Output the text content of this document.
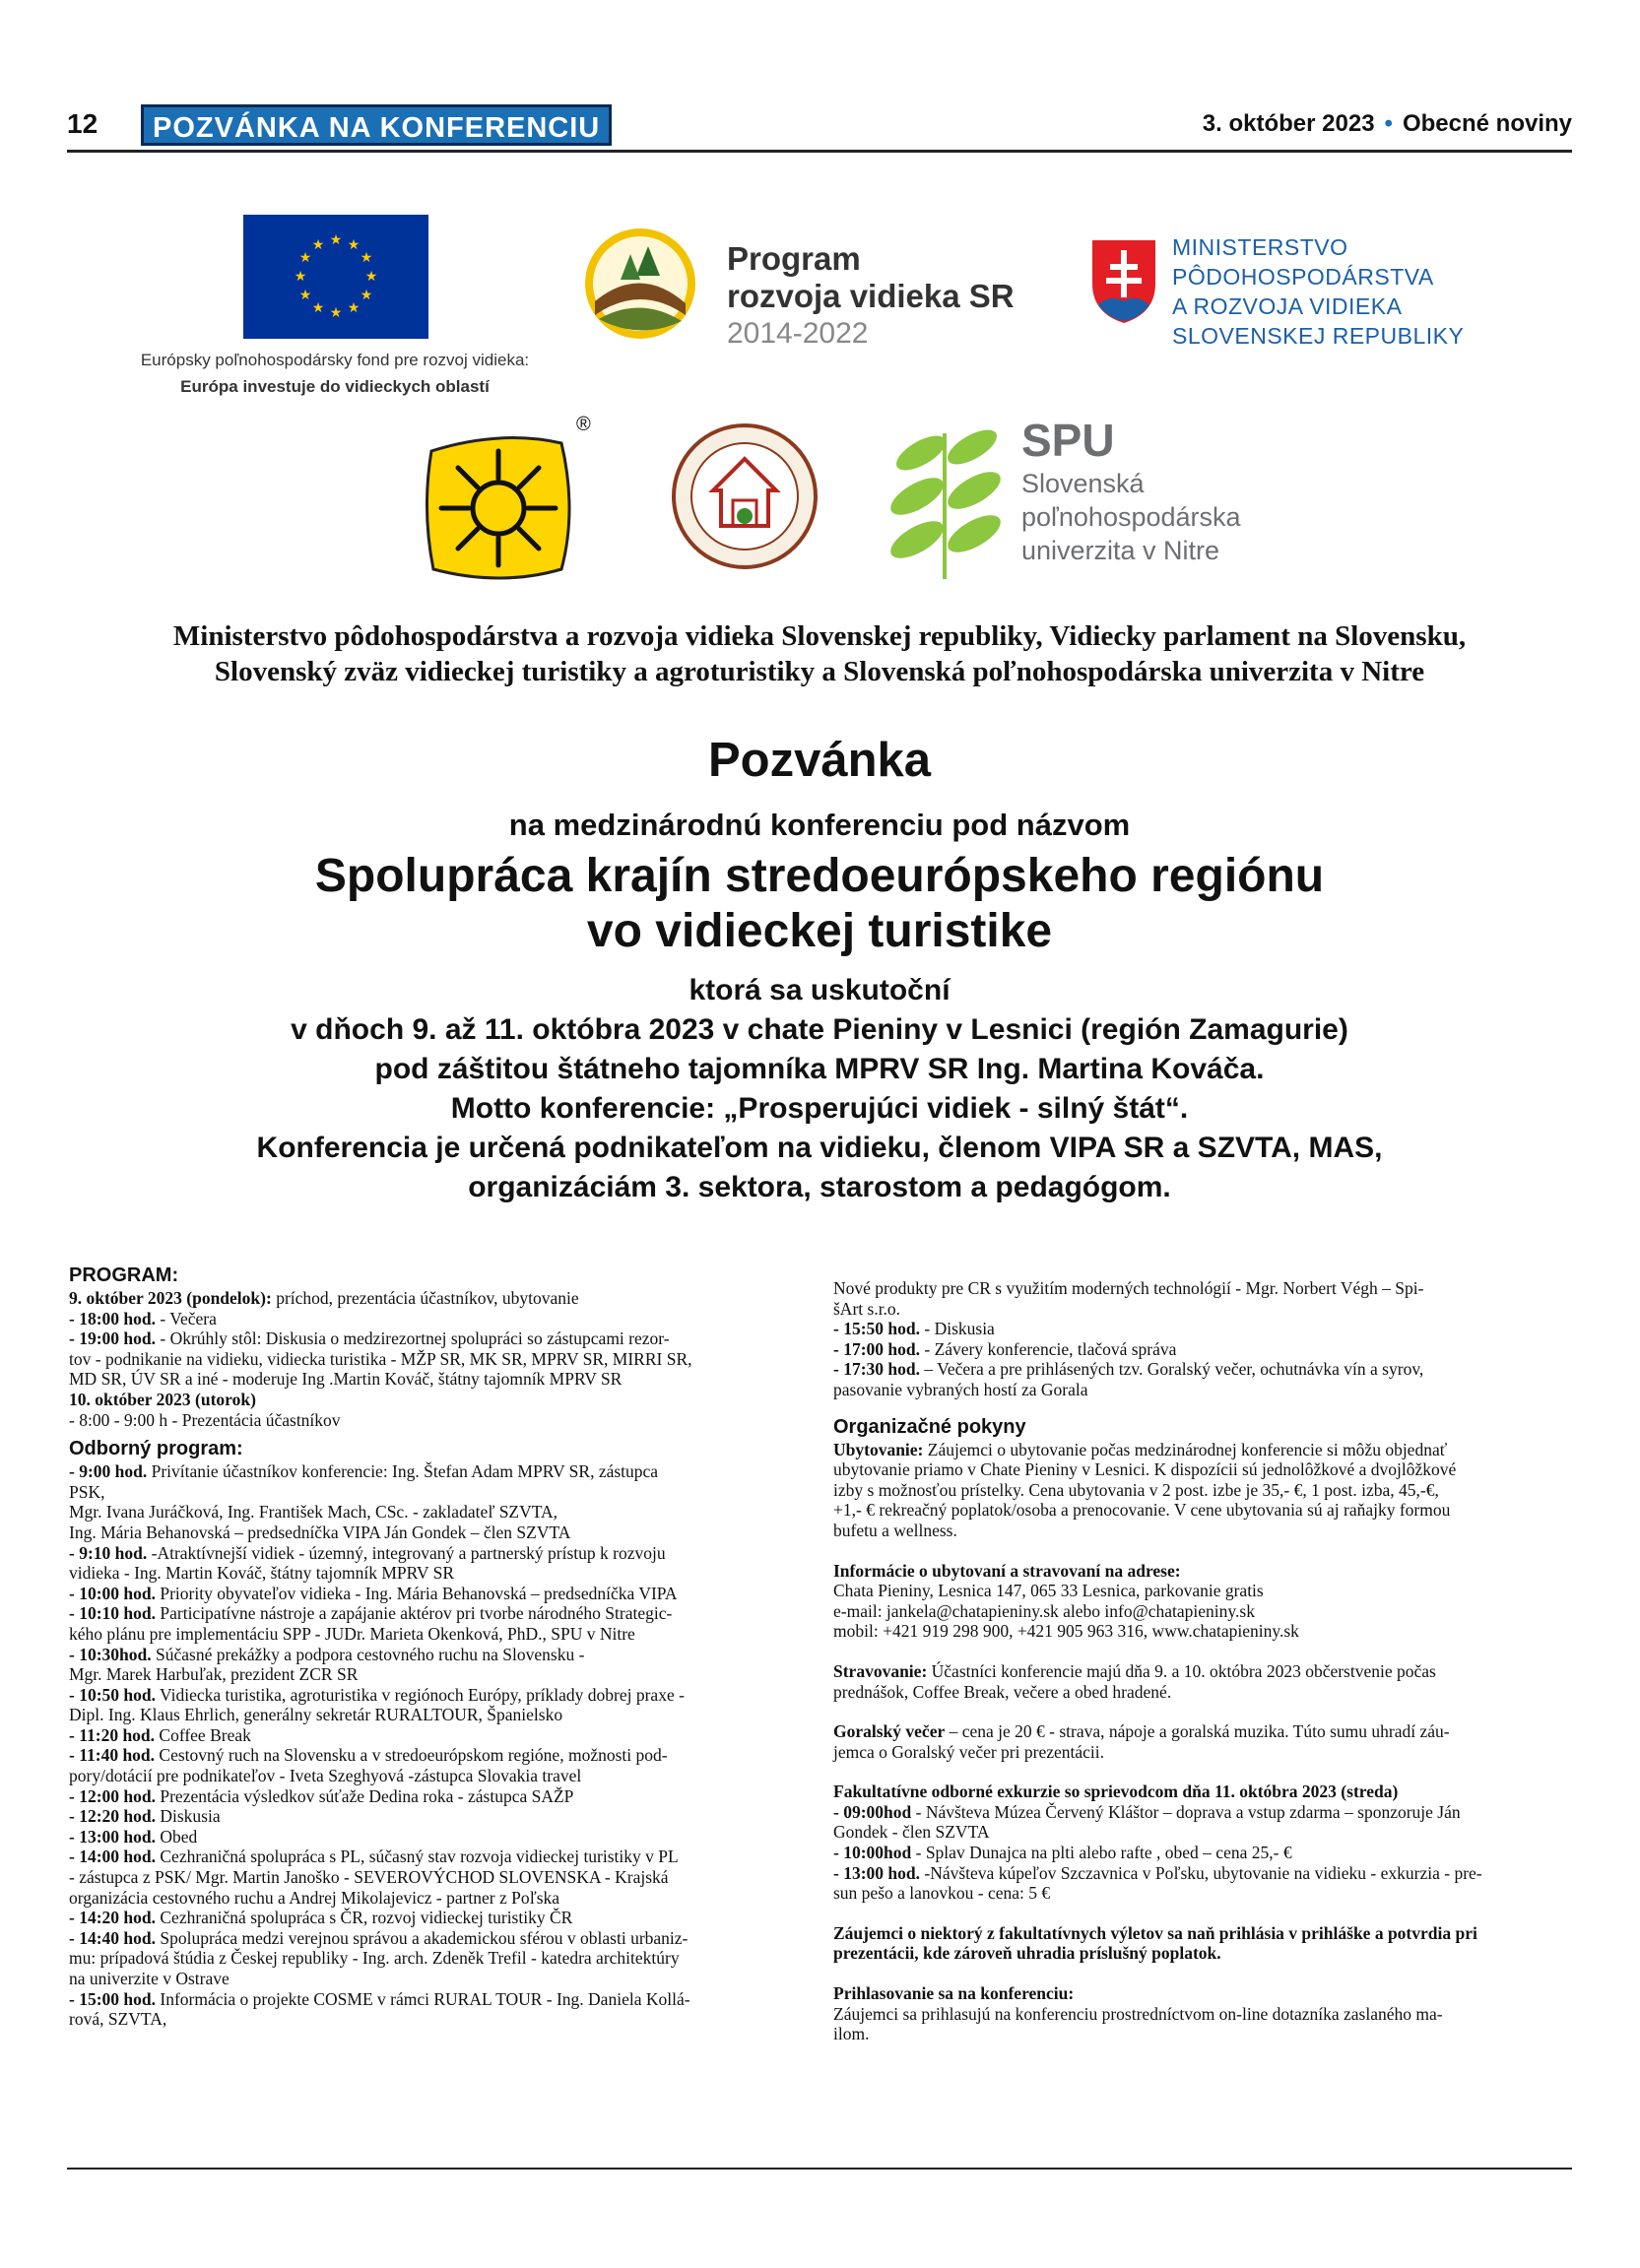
12	POZVÁNKA NA KONFERENCIU	3. október 2023 • Obecné noviny
★ ★
★
★
★
★
★
★
★
★
★
★
Európsky poľnohospodársky fond pre rozvoj vidieka:
Európa investuje do vidieckych oblastí
Program
rozvoja vidieka SR
2014-2022
MINISTERSTVO
PÔDOHOSPODÁRSTVA
A ROZVOJA VIDIEKA
SLOVENSKEJ REPUBLIKY
®	SPU
Slovenská
poľnohospodárska
univerzita v Nitre
Ministerstvo pôdohospodárstva a rozvoja vidieka Slovenskej republiky, Vidiecky parlament na Slovensku,
Slovenský zväz vidieckej turistiky a agroturistiky a Slovenská poľnohospodárska univerzita v Nitre
Pozvánka
na medzinárodnú konferenciu pod názvom
Spolupráca krajín stredoeurópskeho regiónu
vo vidieckej turistike
ktorá sa uskutoční
v dňoch 9. až 11. októbra 2023 v chate Pieniny v Lesnici (región Zamagurie)
pod záštitou štátneho tajomníka MPRV SR Ing. Martina Kováča.
Motto konferencie: „Prosperujúci vidiek - silný štát“.
Konferencia je určená podnikateľom na vidieku, členom VIPA SR a SZVTA, MAS,
organizáciám 3. sektora, starostom a pedagógom.

PROGRAM:

9. október 2023 (pondelok): príchod, prezentácia účastníkov, ubytovanie

- 18:00 hod. - Večera

- 19:00 hod. - Okrúhly stôl: Diskusia o medzirezortnej spolupráci so zástupcami rezor-

tov - podnikanie na vidieku, vidiecka turistika - MŽP SR, MK SR, MPRV SR, MIRRI SR,

MD SR, ÚV SR a iné - moderuje Ing .Martin Kováč, štátny tajomník MPRV SR

10. október 2023 (utorok)

- 8:00 - 9:00 h - Prezentácia účastníkov

Odborný program:

- 9:00 hod. Privítanie účastníkov konferencie: Ing. Štefan Adam MPRV SR, zástupca

PSK,

Mgr. Ivana Juráčková, Ing. František Mach, CSc. - zakladateľ SZVTA,

Ing. Mária Behanovská – predsedníčka VIPA Ján Gondek – člen SZVTA

- 9:10 hod. -Atraktívnejší vidiek - územný, integrovaný a partnerský prístup k rozvoju

vidieka - Ing. Martin Kováč, štátny tajomník MPRV SR

- 10:00 hod. Priority obyvateľov vidieka - Ing. Mária Behanovská – predsedníčka VIPA

- 10:10 hod. Participatívne nástroje a zapájanie aktérov pri tvorbe národného Strategic-

kého plánu pre implementáciu SPP - JUDr. Marieta Okenková, PhD., SPU v Nitre

- 10:30hod. Súčasné prekážky a podpora cestovného ruchu na Slovensku -

Mgr. Marek Harbuľak, prezident ZCR SR

- 10:50 hod. Vidiecka turistika, agroturistika v regiónoch Európy, príklady dobrej praxe -

Dipl. Ing. Klaus Ehrlich, generálny sekretár RURALTOUR, Španielsko

- 11:20 hod. Coffee Break

- 11:40 hod. Cestovný ruch na Slovensku a v stredoeurópskom regióne, možnosti pod-

pory/dotácií pre podnikateľov - Iveta Szeghyová -zástupca Slovakia travel

- 12:00 hod. Prezentácia výsledkov súťaže Dedina roka - zástupca SAŽP

- 12:20 hod. Diskusia

- 13:00 hod. Obed

- 14:00 hod. Cezhraničná spolupráca s PL, súčasný stav rozvoja vidieckej turistiky v PL

- zástupca z PSK/ Mgr. Martin Janoško - SEVEROVÝCHOD SLOVENSKA - Krajská

organizácia cestovného ruchu a Andrej Mikolajevicz - partner z Poľska

- 14:20 hod. Cezhraničná spolupráca s ČR, rozvoj vidieckej turistiky ČR

- 14:40 hod. Spolupráca medzi verejnou správou a akademickou sférou v oblasti urbaniz-

mu: prípadová štúdia z Českej republiky - Ing. arch. Zdeněk Trefil - katedra architektúry

na univerzite v Ostrave

- 15:00 hod. Informácia o projekte COSME v rámci RURAL TOUR - Ing. Daniela Kollá-

rová, SZVTA,

Nové produkty pre CR s využitím moderných technológií - Mgr. Norbert Végh – Spi-

šArt s.r.o.

- 15:50 hod. - Diskusia

- 17:00 hod. - Závery konferencie, tlačová správa

- 17:30 hod. – Večera a pre prihlásených tzv. Goralský večer, ochutnávka vín a syrov,

pasovanie vybraných hostí za Gorala

Organizačné pokyny

Ubytovanie: Záujemci o ubytovanie počas medzinárodnej konferencie si môžu objednať

ubytovanie priamo v Chate Pieniny v Lesnici. K dispozícii sú jednolôžkové a dvojlôžkové

izby s možnosťou prístelky. Cena ubytovania v 2 post. izbe je 35,- €, 1 post. izba, 45,-€,

+1,- € rekreačný poplatok/osoba a prenocovanie. V cene ubytovania sú aj raňajky formou

bufetu a wellness.

Informácie o ubytovaní a stravovaní na adrese:

Chata Pieniny, Lesnica 147, 065 33 Lesnica, parkovanie gratis

e-mail: jankela@chatapieniny.sk alebo info@chatapieniny.sk

mobil: +421 919 298 900, +421 905 963 316, www.chatapieniny.sk

Stravovanie: Účastníci konferencie majú dňa 9. a 10. októbra 2023 občerstvenie počas

prednášok, Coffee Break, večere a obed hradené.

Goralský večer – cena je 20 € - strava, nápoje a goralská muzika. Túto sumu uhradí záu-

jemca o Goralský večer pri prezentácii.

Fakultatívne odborné exkurzie so sprievodcom dňa 11. októbra 2023 (streda)

- 09:00hod - Návšteva Múzea Červený Kláštor – doprava a vstup zdarma – sponzoruje Ján

Gondek - člen SZVTA

- 10:00hod - Splav Dunajca na plti alebo rafte , obed – cena 25,- €

- 13:00 hod. -Návšteva kúpeľov Szczavnica v Poľsku, ubytovanie na vidieku - exkurzia - pre-

sun pešo a lanovkou - cena: 5 €

Záujemci o niektorý z fakultatívnych výletov sa naň prihlásia v prihláške a potvrdia pri

prezentácii, kde zároveň uhradia príslušný poplatok.

Prihlasovanie sa na konferenciu:

Záujemci sa prihlasujú na konferenciu prostredníctvom on-line dotazníka zaslaného ma-

ilom.
